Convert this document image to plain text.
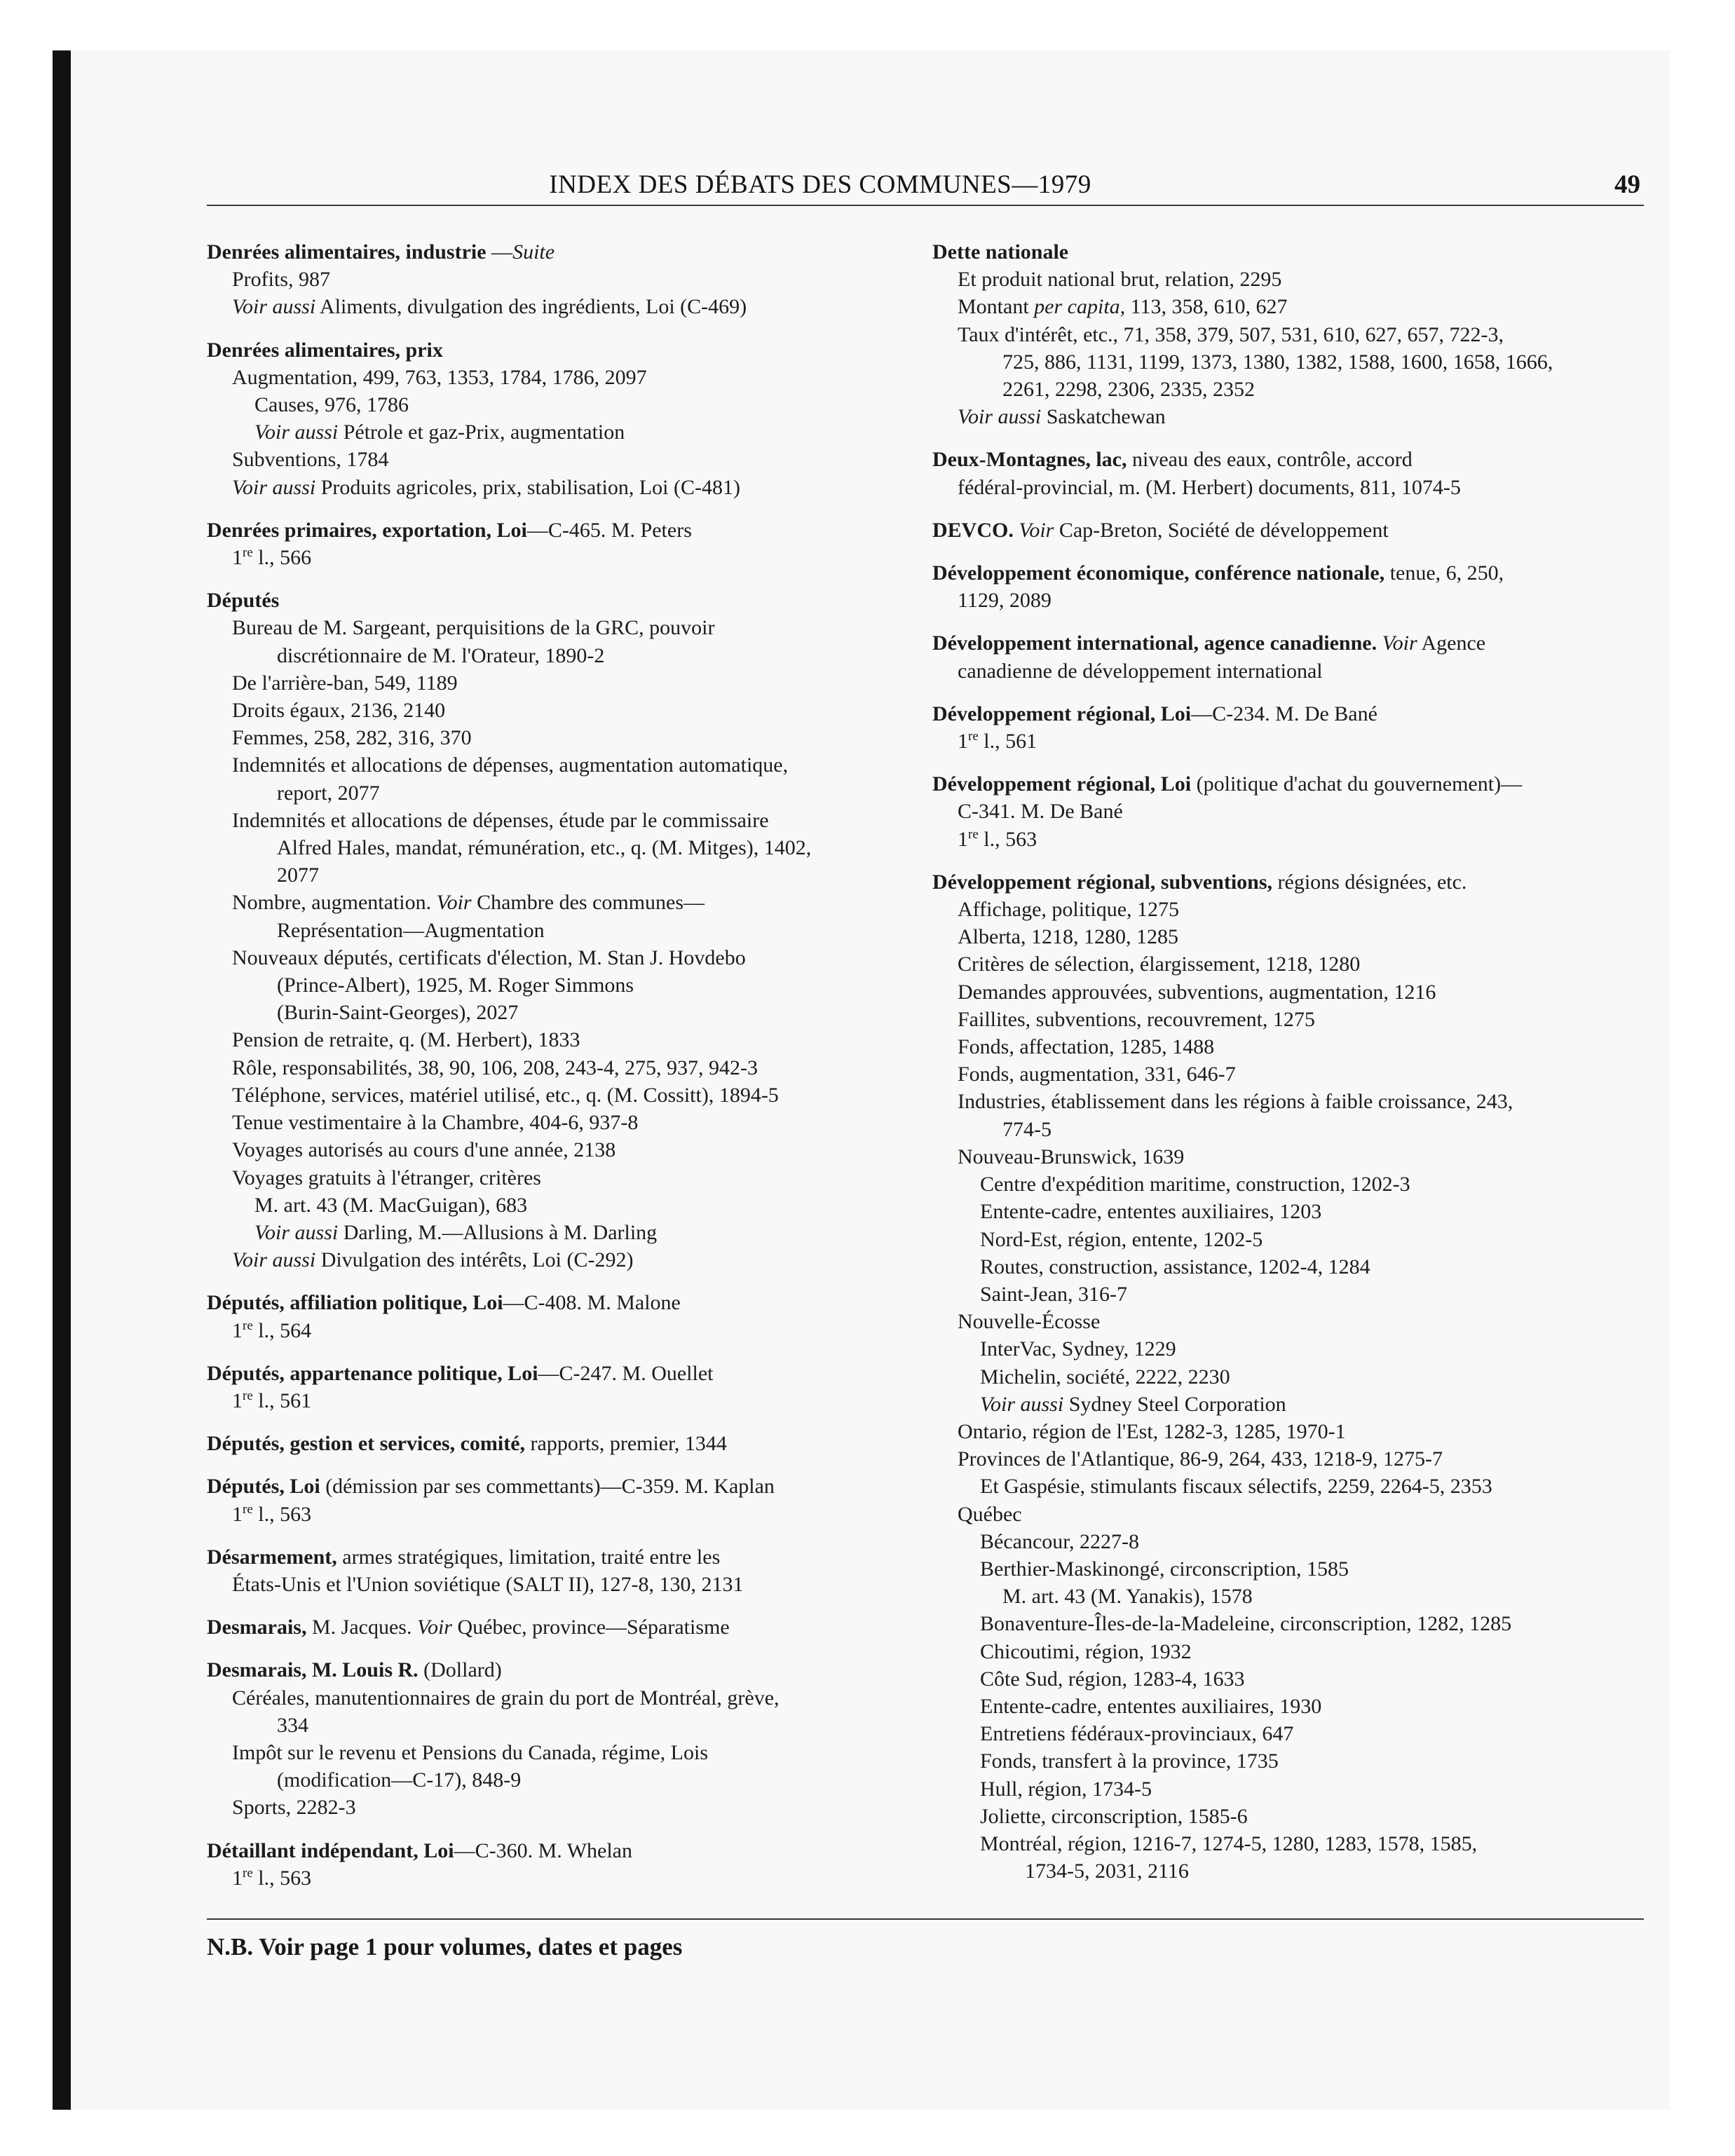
INDEX DES DÉBATS DES COMMUNES—1979	49
Denrées alimentaires, industrie —Suite
Profits, 987
Voir aussi Aliments, divulgation des ingrédients, Loi (C-469)
Denrées alimentaires, prix
Augmentation, 499, 763, 1353, 1784, 1786, 2097
Causes, 976, 1786
Voir aussi Pétrole et gaz-Prix, augmentation
Subventions, 1784
Voir aussi Produits agricoles, prix, stabilisation, Loi (C-481)
Denrées primaires, exportation, Loi—C-465. M. Peters
1re l., 566
Députés
Bureau de M. Sargeant, perquisitions de la GRC, pouvoir
discrétionnaire de M. l'Orateur, 1890-2
De l'arrière-ban, 549, 1189
Droits égaux, 2136, 2140
Femmes, 258, 282, 316, 370
Indemnités et allocations de dépenses, augmentation automatique,
report, 2077
Indemnités et allocations de dépenses, étude par le commissaire
Alfred Hales, mandat, rémunération, etc., q. (M. Mitges), 1402,
2077
Nombre, augmentation. Voir Chambre des communes—
Représentation—Augmentation
Nouveaux députés, certificats d'élection, M. Stan J. Hovdebo
(Prince-Albert), 1925, M. Roger Simmons
(Burin-Saint-Georges), 2027
Pension de retraite, q. (M. Herbert), 1833
Rôle, responsabilités, 38, 90, 106, 208, 243-4, 275, 937, 942-3
Téléphone, services, matériel utilisé, etc., q. (M. Cossitt), 1894-5
Tenue vestimentaire à la Chambre, 404-6, 937-8
Voyages autorisés au cours d'une année, 2138
Voyages gratuits à l'étranger, critères
M. art. 43 (M. MacGuigan), 683
Voir aussi Darling, M.—Allusions à M. Darling
Voir aussi Divulgation des intérêts, Loi (C-292)
Députés, affiliation politique, Loi—C-408. M. Malone
1re l., 564
Députés, appartenance politique, Loi—C-247. M. Ouellet
1re l., 561
Députés, gestion et services, comité, rapports, premier, 1344
Députés, Loi (démission par ses commettants)—C-359. M. Kaplan
1re l., 563
Désarmement, armes stratégiques, limitation, traité entre les
États-Unis et l'Union soviétique (SALT II), 127-8, 130, 2131
Desmarais, M. Jacques. Voir Québec, province—Séparatisme
Desmarais, M. Louis R. (Dollard)
Céréales, manutentionnaires de grain du port de Montréal, grève,
334
Impôt sur le revenu et Pensions du Canada, régime, Lois
(modification—C-17), 848-9
Sports, 2282-3
Détaillant indépendant, Loi—C-360. M. Whelan
1re l., 563
Dette nationale
Et produit national brut, relation, 2295
Montant per capita, 113, 358, 610, 627
Taux d'intérêt, etc., 71, 358, 379, 507, 531, 610, 627, 657, 722-3,
725, 886, 1131, 1199, 1373, 1380, 1382, 1588, 1600, 1658, 1666,
2261, 2298, 2306, 2335, 2352
Voir aussi Saskatchewan
Deux-Montagnes, lac, niveau des eaux, contrôle, accord
fédéral-provincial, m. (M. Herbert) documents, 811, 1074-5
DEVCO. Voir Cap-Breton, Société de développement
Développement économique, conférence nationale, tenue, 6, 250,
1129, 2089
Développement international, agence canadienne. Voir Agence
canadienne de développement international
Développement régional, Loi—C-234. M. De Bané
1re l., 561
Développement régional, Loi (politique d'achat du gouvernement)—
C-341. M. De Bané
1re l., 563
Développement régional, subventions, régions désignées, etc.
Affichage, politique, 1275
Alberta, 1218, 1280, 1285
Critères de sélection, élargissement, 1218, 1280
Demandes approuvées, subventions, augmentation, 1216
Faillites, subventions, recouvrement, 1275
Fonds, affectation, 1285, 1488
Fonds, augmentation, 331, 646-7
Industries, établissement dans les régions à faible croissance, 243,
774-5
Nouveau-Brunswick, 1639
Centre d'expédition maritime, construction, 1202-3
Entente-cadre, ententes auxiliaires, 1203
Nord-Est, région, entente, 1202-5
Routes, construction, assistance, 1202-4, 1284
Saint-Jean, 316-7
Nouvelle-Écosse
InterVac, Sydney, 1229
Michelin, société, 2222, 2230
Voir aussi Sydney Steel Corporation
Ontario, région de l'Est, 1282-3, 1285, 1970-1
Provinces de l'Atlantique, 86-9, 264, 433, 1218-9, 1275-7
Et Gaspésie, stimulants fiscaux sélectifs, 2259, 2264-5, 2353
Québec
Bécancour, 2227-8
Berthier-Maskinongé, circonscription, 1585
M. art. 43 (M. Yanakis), 1578
Bonaventure-Îles-de-la-Madeleine, circonscription, 1282, 1285
Chicoutimi, région, 1932
Côte Sud, région, 1283-4, 1633
Entente-cadre, ententes auxiliaires, 1930
Entretiens fédéraux-provinciaux, 647
Fonds, transfert à la province, 1735
Hull, région, 1734-5
Joliette, circonscription, 1585-6
Montréal, région, 1216-7, 1274-5, 1280, 1283, 1578, 1585,
1734-5, 2031, 2116
N.B. Voir page 1 pour volumes, dates et pages
